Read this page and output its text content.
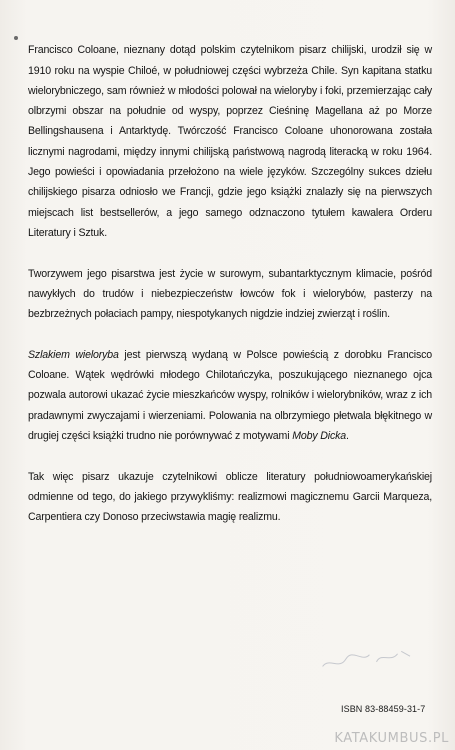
Francisco Coloane, nieznany dotąd polskim czytelnikom pisarz chilijski, urodził się w 1910 roku na wyspie Chiloé, w południowej części wybrzeża Chile. Syn kapitana statku wielorybniczego, sam również w młodości polował na wieloryby i foki, przemierzając cały olbrzymi obszar na południe od wyspy, poprzez Cieśninę Magellana aż po Morze Bellingshausena i Antarktydę. Twórczość Francisco Coloane uhonorowana została licznymi nagrodami, między innymi chilijską państwową nagrodą literacką w roku 1964. Jego powieści i opowiadania przełożono na wiele języków. Szczególny sukces dziełu chilijskiego pisarza odniosło we Francji, gdzie jego książki znalazły się na pierwszych miejscach list bestsellerów, a jego samego odznaczono tytułem kawalera Orderu Literatury i Sztuk.

Tworzywem jego pisarstwa jest życie w surowym, subantarktycznym klimacie, pośród nawykłych do trudów i niebezpieczeństw łowców fok i wielorybów, pasterzy na bezbrzeżnych połaciach pampy, niespotykanych nigdzie indziej zwierząt i roślin.

Szlakiem wieloryba jest pierwszą wydaną w Polsce powieścią z dorobku Francisco Coloane. Wątek wędrówki młodego Chilotańczyka, poszukującego nieznanego ojca pozwala autorowi ukazać życie mieszkańców wyspy, rolników i wielorybników, wraz z ich pradawnymi zwyczajami i wierzeniami. Polowania na olbrzymiego płetwala błękitnego w drugiej części książki trudno nie porównywać z motywami Moby Dicka.

Tak więc pisarz ukazuje czytelnikowi oblicze literatury południowoamerykańskiej odmienne od tego, do jakiego przywykliśmy: realizmowi magicznemu Garcii Marqueza, Carpentiera czy Donoso przeciwstawia magię realizmu.

ISBN 83-88459-31-7
KATAKUMBUS.PL
